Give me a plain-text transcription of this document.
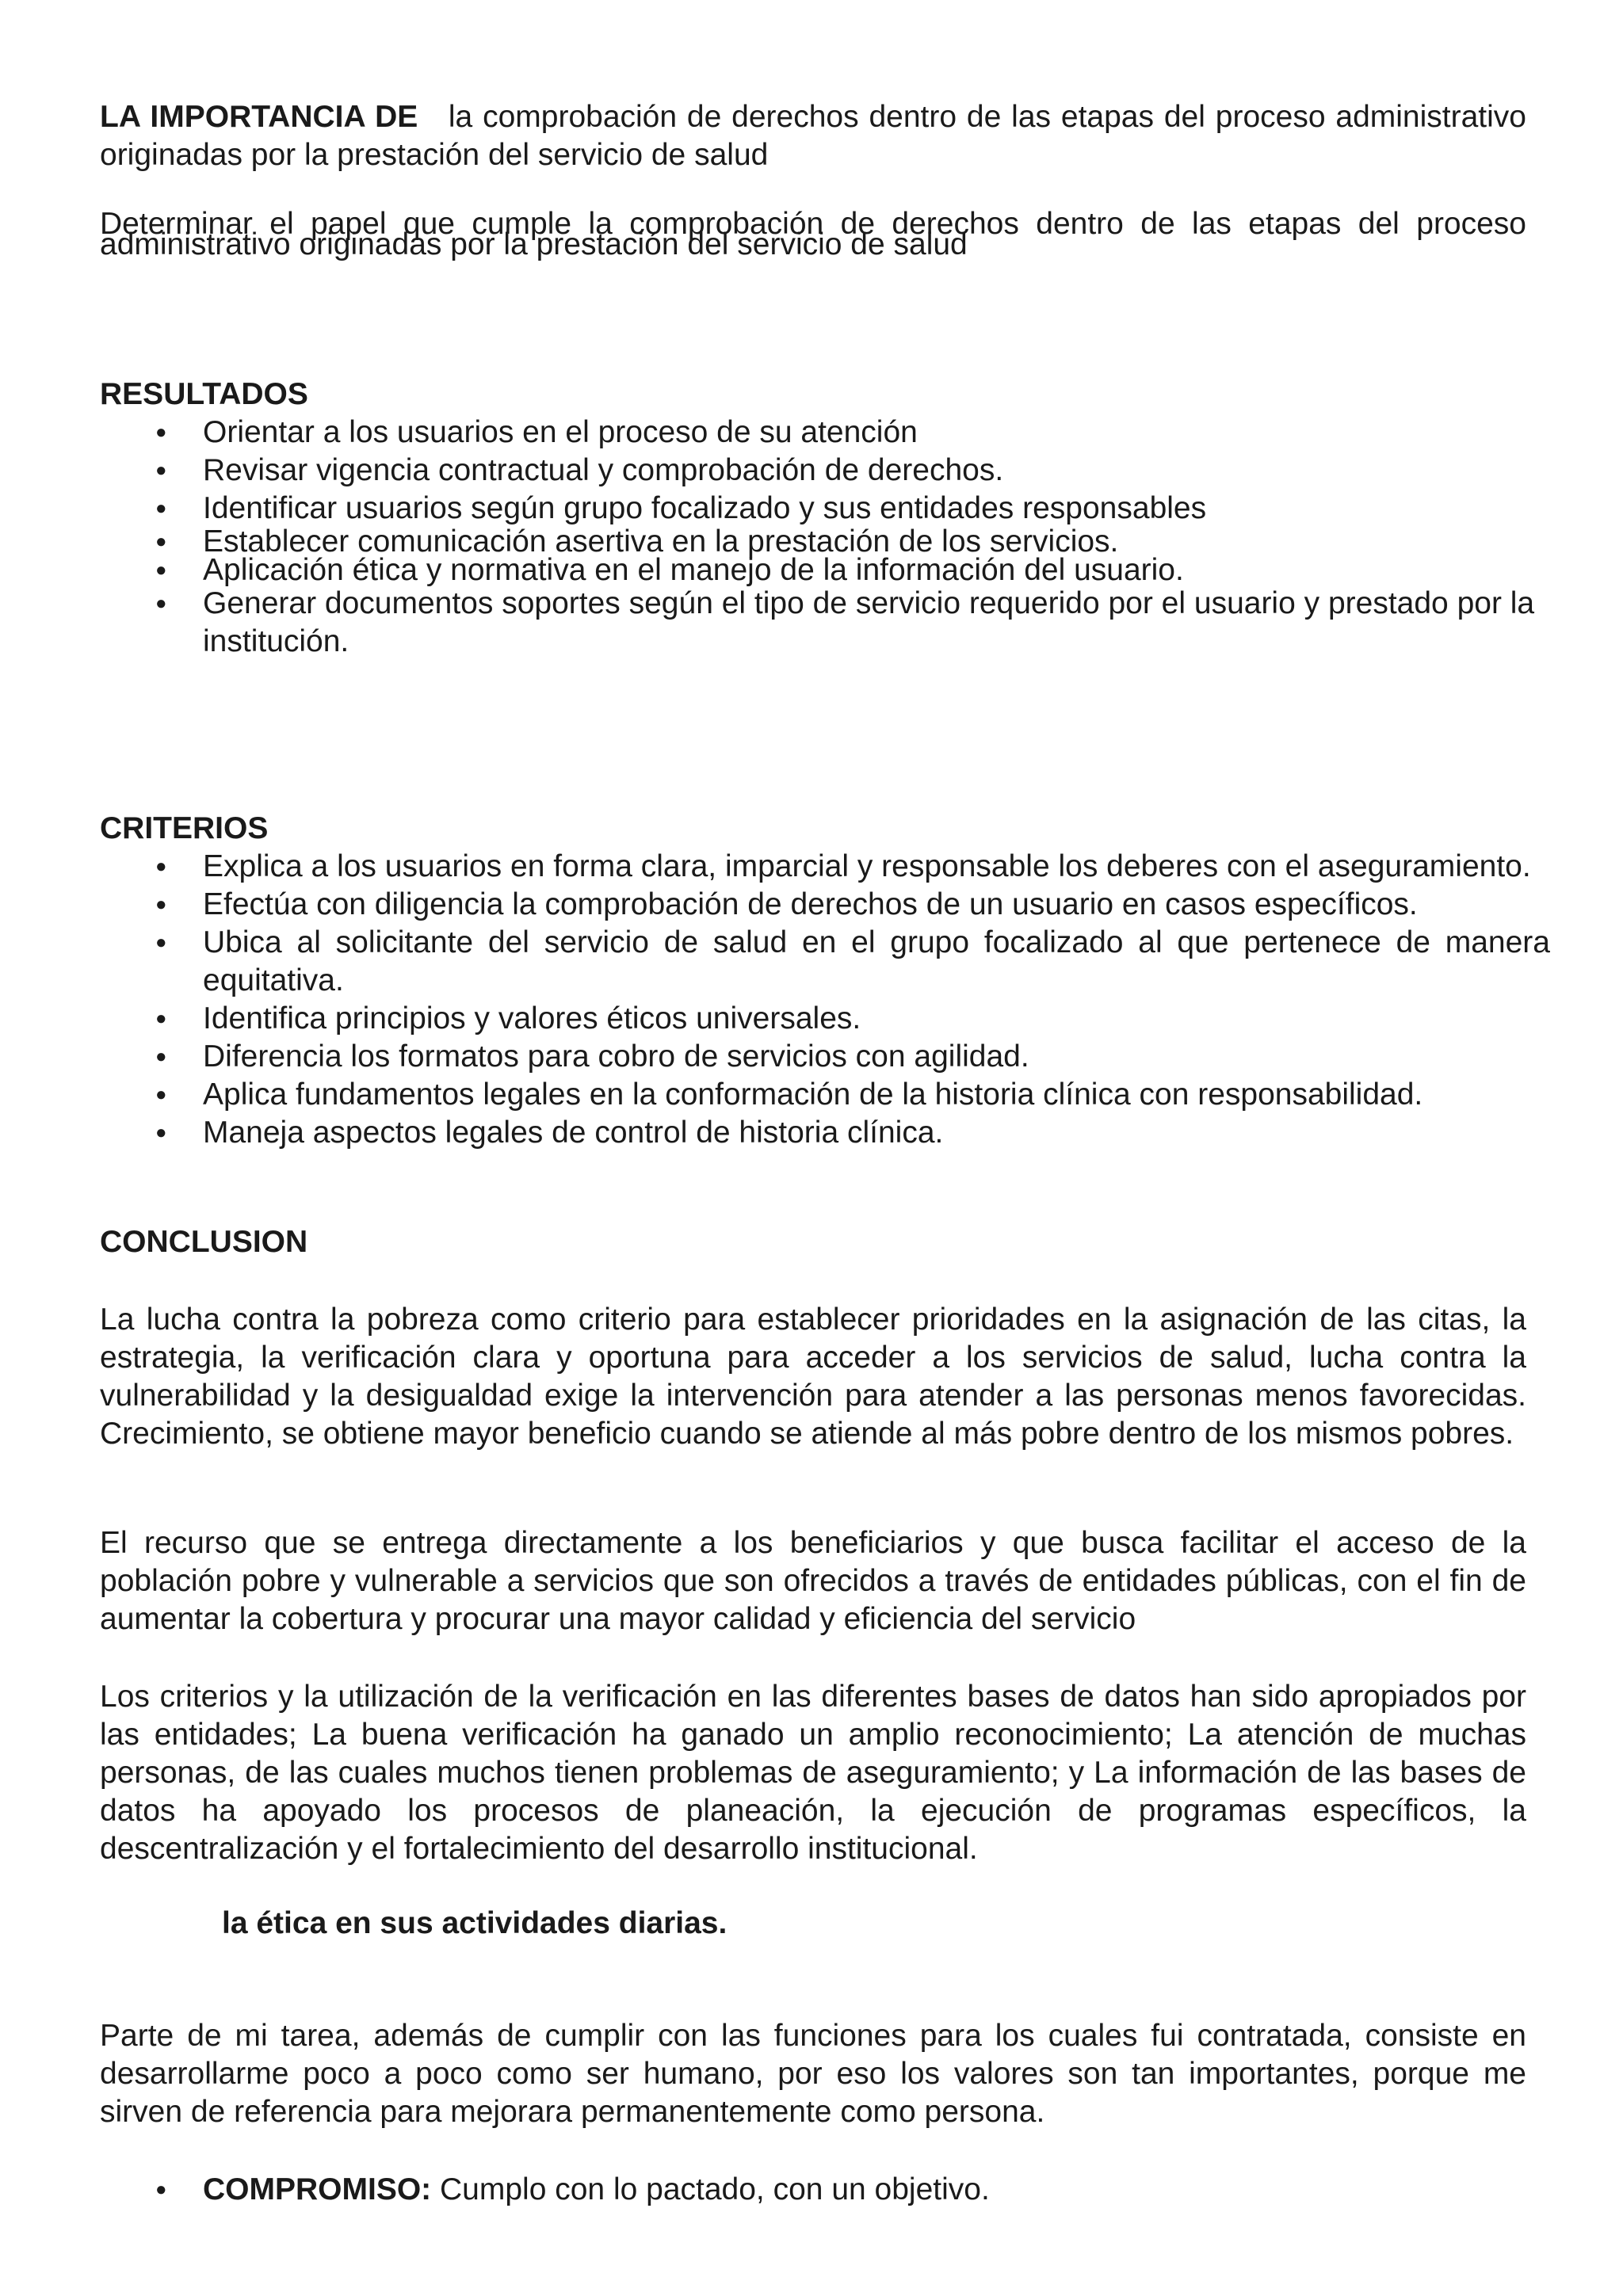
LA IMPORTANCIA DE la comprobación de derechos dentro de las etapas del proceso administrativo originadas por la prestación del servicio de salud
Determinar el papel que cumple la comprobación de derechos dentro de las etapas del proceso administrativo originadas por la prestación del servicio de salud
RESULTADOS
● Orientar a los usuarios en el proceso de su atención
● Revisar vigencia contractual y comprobación de derechos.
● Identificar usuarios según grupo focalizado y sus entidades responsables
● Establecer comunicación asertiva en la prestación de los servicios.
● Aplicación ética y normativa en el manejo de la información del usuario.
● Generar documentos soportes según el tipo de servicio requerido por el usuario y prestado por la institución.
CRITERIOS
● Explica a los usuarios en forma clara, imparcial y responsable los deberes con el aseguramiento.
● Efectúa con diligencia la comprobación de derechos de un usuario en casos específicos.
● Ubica al solicitante del servicio de salud en el grupo focalizado al que pertenece de manera equitativa.
● Identifica principios y valores éticos universales.
● Diferencia los formatos para cobro de servicios con agilidad.
● Aplica fundamentos legales en la conformación de la historia clínica con responsabilidad.
● Maneja aspectos legales de control de historia clínica.
CONCLUSION

La lucha contra la pobreza como criterio para establecer prioridades en la asignación de las citas, la estrategia, la verificación clara y oportuna para acceder a los servicios de salud, lucha contra la vulnerabilidad y la desigualdad exige la intervención para atender a las personas menos favorecidas. Crecimiento, se obtiene mayor beneficio cuando se atiende al más pobre dentro de los mismos pobres.

El recurso que se entrega directamente a los beneficiarios y que busca facilitar el acceso de la población pobre y vulnerable a servicios que son ofrecidos a través de entidades públicas, con el fin de aumentar la cobertura y procurar una mayor calidad y eficiencia del servicio

Los criterios y la utilización de la verificación en las diferentes bases de datos han sido apropiados por las entidades; La buena verificación ha ganado un amplio reconocimiento; La atención de muchas personas, de las cuales muchos tienen problemas de aseguramiento; y La información de las bases de datos ha apoyado los procesos de planeación, la ejecución de programas específicos, la descentralización y el fortalecimiento del desarrollo institucional.

la ética en sus actividades diarias.

Parte de mi tarea, además de cumplir con las funciones para los cuales fui contratada, consiste en desarrollarme poco a poco como ser humano, por eso los valores son tan importantes, porque me sirven de referencia para mejorara permanentemente como persona.

● COMPROMISO: Cumplo con lo pactado, con un objetivo.
